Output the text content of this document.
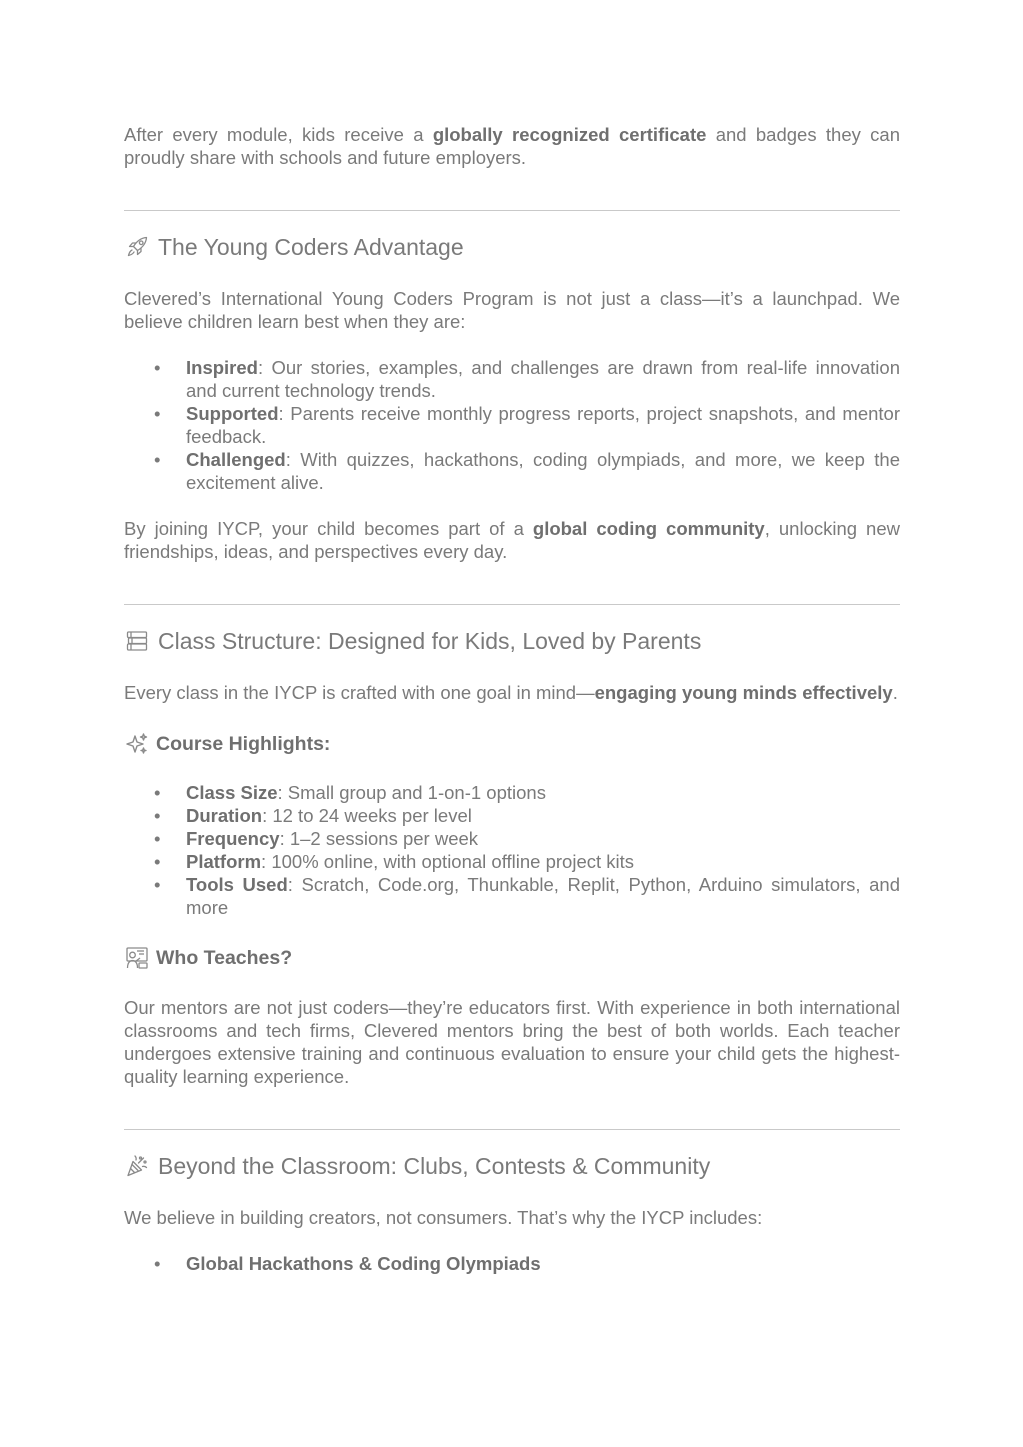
After every module, kids receive a globally recognized certificate and badges they can proudly share with schools and future employers.

The Young Coders Advantage

Clevered’s International Young Coders Program is not just a class—it’s a launchpad. We believe children learn best when they are:

• Inspired: Our stories, examples, and challenges are drawn from real-life innovation and current technology trends.
• Supported: Parents receive monthly progress reports, project snapshots, and mentor feedback.
• Challenged: With quizzes, hackathons, coding olympiads, and more, we keep the excitement alive.

By joining IYCP, your child becomes part of a global coding community, unlocking new friendships, ideas, and perspectives every day.

Class Structure: Designed for Kids, Loved by Parents

Every class in the IYCP is crafted with one goal in mind—engaging young minds effectively.

Course Highlights:
• Class Size: Small group and 1-on-1 options
• Duration: 12 to 24 weeks per level
• Frequency: 1–2 sessions per week
• Platform: 100% online, with optional offline project kits
• Tools Used: Scratch, Code.org, Thunkable, Replit, Python, Arduino simulators, and more
Who Teaches?

Our mentors are not just coders—they’re educators first. With experience in both international classrooms and tech firms, Clevered mentors bring the best of both worlds. Each teacher undergoes extensive training and continuous evaluation to ensure your child gets the highest-quality learning experience.

Beyond the Classroom: Clubs, Contests & Community

We believe in building creators, not consumers. That’s why the IYCP includes:

• Global Hackathons & Coding Olympiads
